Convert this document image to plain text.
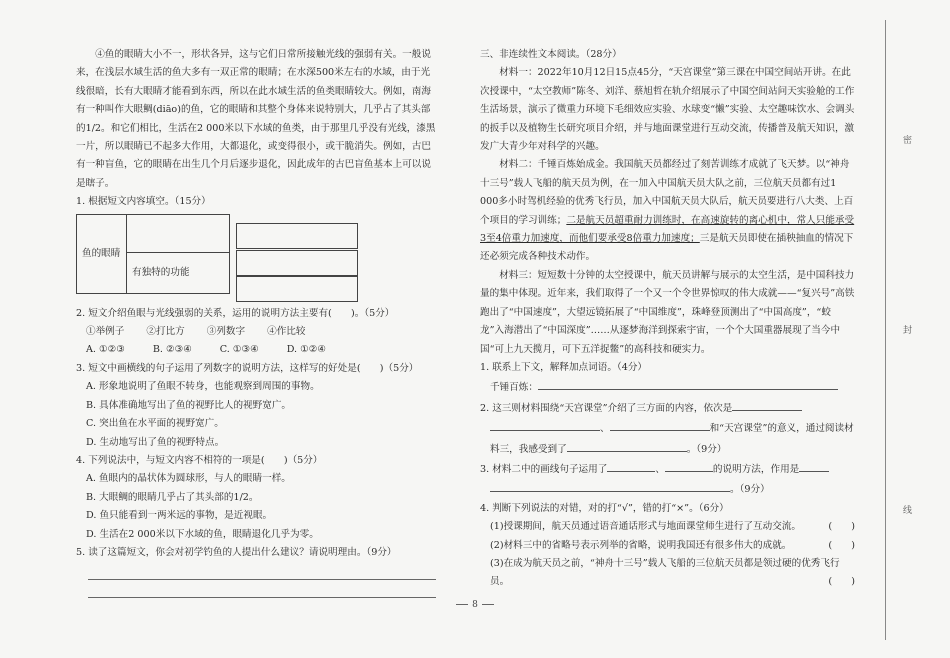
④鱼的眼睛大小不一，形状各异，这与它们日常所接触光线的强弱有关。一般说来，在浅层水域生活的鱼大多有一双正常的眼睛；在水深500米左右的水域，由于光线很暗，长有大眼睛才能看到东西，所以在此水域生活的鱼类眼睛较大。例如，南海有一种叫作大眼鲷(diāo)的鱼，它的眼睛和其整个身体来说特别大，几乎占了其头部的1/2。和它们相比，生活在2 000米以下水域的鱼类，由于那里几乎没有光线，漆黑一片，所以眼睛已不起多大作用，大都退化，或变得很小，或干脆消失。例如，古巴有一种盲鱼，它的眼睛在出生几个月后逐步退化，因此成年的古巴盲鱼基本上可以说是瞎子。

1. 根据短文内容填空。（15分）

鱼的眼睛
有独特的功能

2. 短文介绍鱼眼与光线强弱的关系，运用的说明方法主要有(　　)。（5分）

①举例子 ②打比方 ③列数字 ④作比较
A. ①②③	B. ②③④	C. ①③④	D. ①②④

3. 短文中画横线的句子运用了列数字的说明方法，这样写的好处是(　　)（5分）

A. 形象地说明了鱼眼不转身，也能观察到周围的事物。

B. 具体准确地写出了鱼的视野比人的视野宽广。

C. 突出鱼在水平面的视野宽广。

D. 生动地写出了鱼的视野特点。

4. 下列说法中，与短文内容不相符的一项是(　　)（5分）

A. 鱼眼内的晶状体为圆球形，与人的眼睛一样。

B. 大眼鲷的眼睛几乎占了其头部的1/2。

D. 鱼只能看到一两米远的事物，是近视眼。

D. 生活在2 000米以下水域的鱼，眼睛退化几乎为零。

5. 读了这篇短文，你会对初学钓鱼的人提出什么建议？请说明理由。（9分）

三、非连续性文本阅读。（28分）

材料一：2022年10月12日15点45分，“天宫课堂”第三课在中国空间站开讲。在此次授课中，“太空教师”陈冬、刘洋、蔡旭哲在轨介绍展示了中国空间站问天实验舱的工作生活场景，演示了微重力环境下毛细效应实验、水球变“懒”实验、太空趣味饮水、会调头的扳手以及植物生长研究项目介绍，并与地面课堂进行互动交流，传播普及航天知识，激发广大青少年对科学的兴趣。

材料二：千锤百炼始成金。我国航天员都经过了刻苦训练才成就了飞天梦。以“神舟十三号”载人飞船的航天员为例，在一加入中国航天员大队之前，三位航天员都有过1 000多小时驾机经验的优秀飞行员，加入中国航天员大队后，航天员要进行八大类、上百个项目的学习训练；二是航天员超重耐力训练时，在高速旋转的离心机中，常人只能承受3至4倍重力加速度，而他们要承受8倍重力加速度；三是航天员即使在插秧抽血的情况下还必须完成各种技术动作。

材料三：短短数十分钟的太空授课中，航天员讲解与展示的太空生活，是中国科技力量的集中体现。近年来，我们取得了一个又一个令世界惊叹的伟大成就——“复兴号”高铁跑出了“中国速度”，大望远镜拓展了“中国维度”，珠峰登顶测出了“中国高度”，“蛟龙”入海潜出了“中国深度”……从逐梦海洋到探索宇宙，一个个大国重器展现了当今中国“可上九天揽月，可下五洋捉鳖”的高科技和硬实力。

1. 联系上下文，解释加点词语。（4分）

千锤百炼：

2. 这三则材料围绕“天宫课堂”介绍了三方面的内容，依次是

、	和“天宫课堂”的意义，通过阅读材料三，我感受到了	。（9分）

3. 材料二中的画线句子运用了	、	的说明方法，作用是

。（9分）

4. 判断下列说法的对错，对的打“√”，错的打“×”。（6分）

(1)授课期间，航天员通过语音通话形式与地面课堂师生进行了互动交流。	(　　)

(2)材料三中的省略号表示列举的省略，说明我国还有很多伟大的成就。	(　　)

(3)在成为航天员之前，“神舟十三号”载人飞船的三位航天员都是领过硬的优秀飞行员。	(　　)

密
封
线
8
